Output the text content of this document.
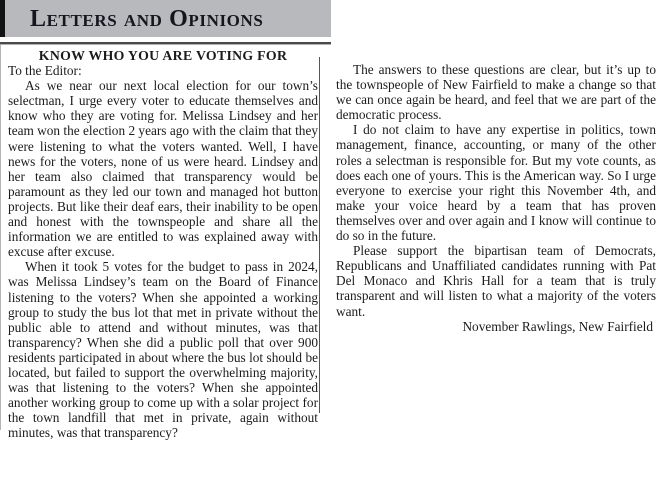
Letters and Opinions
KNOW WHO YOU ARE VOTING FOR

To the Editor:

As we near our next local election for our town’s selectman, I urge every voter to educate themselves and know who they are voting for. Melissa Lindsey and her team won the election 2 years ago with the claim that they were listening to what the voters wanted. Well, I have news for the voters, none of us were heard. Lindsey and her team also claimed that transparency would be paramount as they led our town and managed hot button projects. But like their deaf ears, their inability to be open and honest with the townspeople and share all the information we are entitled to was explained away with excuse after excuse.

When it took 5 votes for the budget to pass in 2024, was Melissa Lindsey’s team on the Board of Finance listening to the voters? When she appointed a working group to study the bus lot that met in private without the public able to attend and without minutes, was that transparency? When she did a public poll that over 900 residents participated in about where the bus lot should be located, but failed to support the overwhelming majority, was that listening to the voters? When she appointed another working group to come up with a solar project for the town landfill that met in private, again without minutes, was that transparency?

The answers to these questions are clear, but it’s up to the townspeople of New Fairfield to make a change so that we can once again be heard, and feel that we are part of the democratic process.

I do not claim to have any expertise in politics, town management, finance, accounting, or many of the other roles a selectman is responsible for. But my vote counts, as does each one of yours. This is the American way. So I urge everyone to exercise your right this November 4th, and make your voice heard by a team that has proven themselves over and over again and I know will continue to do so in the future.

Please support the bipartisan team of Democrats, Republicans and Unaffiliated candidates running with Pat Del Monaco and Khris Hall for a team that is truly transparent and will listen to what a majority of the voters want.

November Rawlings, New Fairfield
